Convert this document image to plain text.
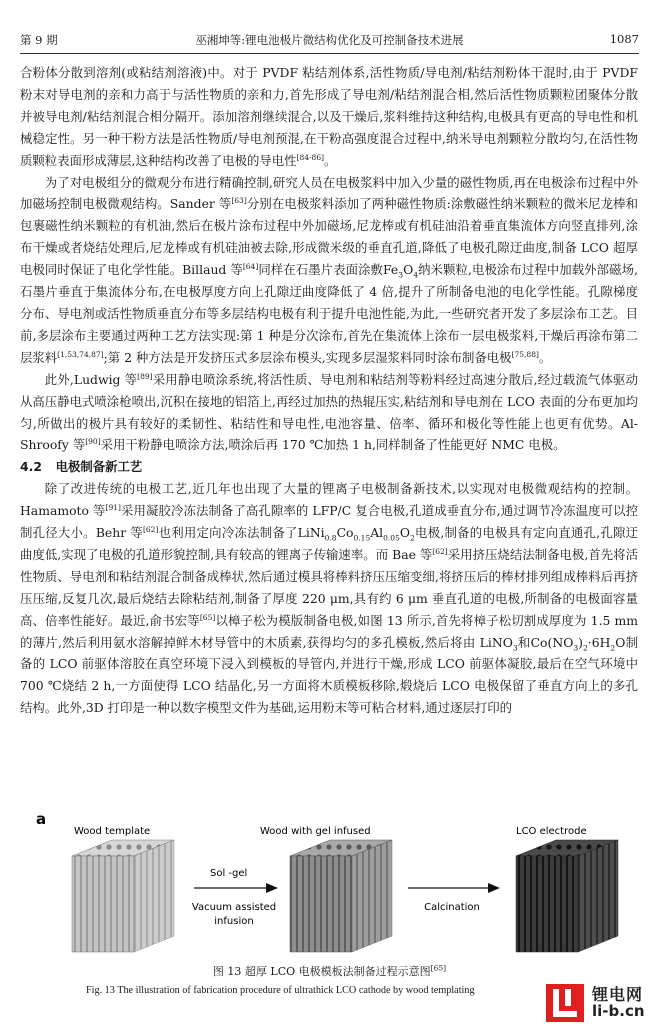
第 9 期	巫湘坤等:锂电池极片微结构优化及可控制备技术进展	1087

合粉体分散到溶剂(或粘结剂溶液)中。对于 PVDF 粘结剂体系,活性物质/导电剂/粘结剂粉体干混时,由于 PVDF 粉末对导电剂的亲和力高于与活性物质的亲和力,首先形成了导电剂/粘结剂混合相,然后活性物质颗粒团聚体分散并被导电剂/粘结剂混合相分隔开。添加溶剂继续混合,以及干燥后,浆料维持这种结构,电极具有更高的导电性和机械稳定性。另一种干粉方法是活性物质/导电剂预混,在干粉高强度混合过程中,纳米导电剂颗粒分散均匀,在活性物质颗粒表面形成薄层,这种结构改善了电极的导电性[84-86]。

为了对电极组分的微观分布进行精确控制,研究人员在电极浆料中加入少量的磁性物质,再在电极涂布过程中外加磁场控制电极微观结构。Sander 等[63]分别在电极浆料添加了两种磁性物质:涂敷磁性纳米颗粒的微米尼龙棒和包裹磁性纳米颗粒的有机油,然后在极片涂布过程中外加磁场,尼龙棒或有机硅油沿着垂直集流体方向竖直排列,涂布干燥或者烧结处理后,尼龙棒或有机硅油被去除,形成微米级的垂直孔道,降低了电极孔隙迂曲度,制备 LCO 超厚电极同时保证了电化学性能。Billaud 等[64]同样在石墨片表面涂敷$Fe_3O_4$纳米颗粒,电极涂布过程中加载外部磁场,石墨片垂直于集流体分布,在电极厚度方向上孔隙迂曲度降低了 4 倍,提升了所制备电池的电化学性能。孔隙梯度分布、导电剂或活性物质垂直分布等多层结构电极有利于提升电池性能,为此,一些研究者开发了多层涂布工艺。目前,多层涂布主要通过两种工艺方法实现:第 1 种是分次涂布,首先在集流体上涂布一层电极浆料,干燥后再涂布第二层浆料[1,53,74,87];第 2 种方法是开发挤压式多层涂布模头,实现多层湿浆料同时涂布制备电极[75,88]。

此外,Ludwig 等[89]采用静电喷涂系统,将活性质、导电剂和粘结剂等粉料经过高速分散后,经过载流气体驱动从高压静电式喷涂枪喷出,沉积在接地的铝箔上,再经过加热的热辊压实,粘结剂和导电剂在 LCO 表面的分布更加均匀,所做出的极片具有较好的柔韧性、粘结性和导电性,电池容量、倍率、循环和极化等性能上也更有优势。Al-Shroofy 等[90]采用干粉静电喷涂方法,喷涂后再 170 ℃加热 1 h,同样制备了性能更好 NMC 电极。

4.2 电极制备新工艺

除了改进传统的电极工艺,近几年也出现了大量的锂离子电极制备新技术,以实现对电极微观结构的控制。Hamamoto 等[91]采用凝胶冷冻法制备了高孔隙率的 LFP/C 复合电极,孔道成垂直分布,通过调节冷冻温度可以控制孔径大小。Behr 等[62]也利用定向冷冻法制备了$LiNi_{0.8}Co_{0.15}Al_{0.05}O_2$电极,制备的电极具有定向直通孔,孔隙迂曲度低,实现了电极的孔道形貌控制,具有较高的锂离子传输速率。而 Bae 等[62]采用挤压烧结法制备电极,首先将活性物质、导电剂和粘结剂混合制备成棒状,然后通过模具将棒料挤压压缩变细,将挤压后的棒材排列组成棒料后再挤压压缩,反复几次,最后烧结去除粘结剂,制备了厚度 220 μm,具有约 6 μm 垂直孔道的电极,所制备的电极面容量高、倍率性能好。最近,俞书宏等[65]以樟子松为模版制备电极,如图 13 所示,首先将樟子松切割成厚度为 1.5 mm 的薄片,然后利用氨水溶解掉鲜木材导管中的木质素,获得均匀的多孔模板,然后将由 LiNO$_3$和$Co(NO_3)_2\cdot 6H_2O$制备的 LCO 前驱体溶胶在真空环境下浸入到模板的导管内,并进行干燥,形成 LCO 前驱体凝胶,最后在空气环境中 700 ℃烧结 2 h,一方面使得 LCO 结晶化,另一方面将木质模板移除,煅烧后 LCO 电极保留了垂直方向上的多孔结构。此外,3D 打印是一种以数字模型文件为基础,运用粉末等可粘合材料,通过逐层打印的

a
Wood template
Sol -gel
Vacuum assisted
infusion
Wood with gel infused
Calcination
LCO electrode
图 13 超厚 LCO 电极模板法制备过程示意图[65]
Fig. 13 The illustration of fabrication procedure of ultrathick LCO cathode by wood templating	锂电网
li-b.cn
